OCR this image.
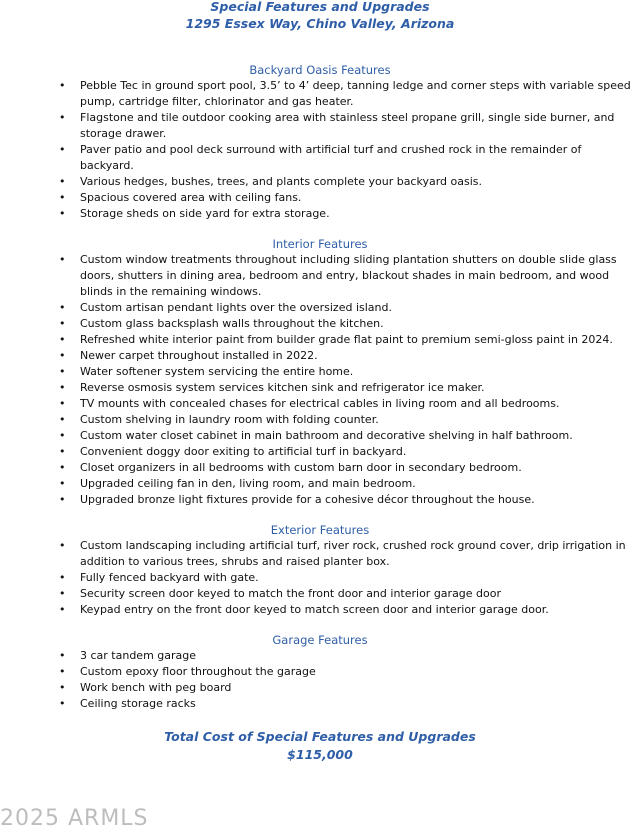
Special Features and Upgrades
1295 Essex Way, Chino Valley, Arizona
Backyard Oasis Features
• Pebble Tec in ground sport pool, 3.5’ to 4’ deep, tanning ledge and corner steps with variable speed pump, cartridge filter, chlorinator and gas heater.
• Flagstone and tile outdoor cooking area with stainless steel propane grill, single side burner, and storage drawer.
• Paver patio and pool deck surround with artificial turf and crushed rock in the remainder of backyard.
• Various hedges, bushes, trees, and plants complete your backyard oasis.
• Spacious covered area with ceiling fans.
• Storage sheds on side yard for extra storage.
Interior Features
• Custom window treatments throughout including sliding plantation shutters on double slide glass doors, shutters in dining area, bedroom and entry, blackout shades in main bedroom, and wood blinds in the remaining windows.
• Custom artisan pendant lights over the oversized island.
• Custom glass backsplash walls throughout the kitchen.
• Refreshed white interior paint from builder grade flat paint to premium semi-gloss paint in 2024.
• Newer carpet throughout installed in 2022.
• Water softener system servicing the entire home.
• Reverse osmosis system services kitchen sink and refrigerator ice maker.
• TV mounts with concealed chases for electrical cables in living room and all bedrooms.
• Custom shelving in laundry room with folding counter.
• Custom water closet cabinet in main bathroom and decorative shelving in half bathroom.
• Convenient doggy door exiting to artificial turf in backyard.
• Closet organizers in all bedrooms with custom barn door in secondary bedroom.
• Upgraded ceiling fan in den, living room, and main bedroom.
• Upgraded bronze light fixtures provide for a cohesive décor throughout the house.
Exterior Features
• Custom landscaping including artificial turf, river rock, crushed rock ground cover, drip irrigation in addition to various trees, shrubs and raised planter box.
• Fully fenced backyard with gate.
• Security screen door keyed to match the front door and interior garage door
• Keypad entry on the front door keyed to match screen door and interior garage door.
Garage Features
• 3 car tandem garage
• Custom epoxy floor throughout the garage
• Work bench with peg board
• Ceiling storage racks
Total Cost of Special Features and Upgrades
$115,000
2025 ARMLS
